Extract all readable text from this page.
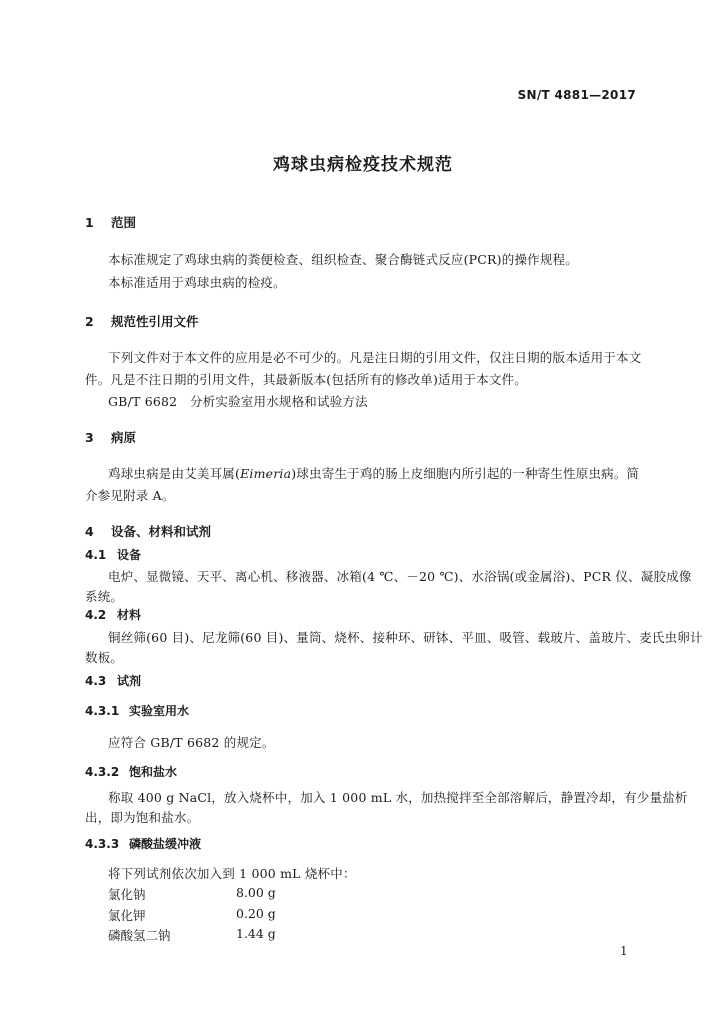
SN/T 4881—2017
鸡球虫病检疫技术规范
1 范围
本标准规定了鸡球虫病的粪便检查、组织检查、聚合酶链式反应(PCR)的操作规程。
本标准适用于鸡球虫病的检疫。
2 规范性引用文件
下列文件对于本文件的应用是必不可少的。凡是注日期的引用文件，仅注日期的版本适用于本文
件。凡是不注日期的引用文件，其最新版本(包括所有的修改单)适用于本文件。
GB/T 6682　分析实验室用水规格和试验方法
3 病原
鸡球虫病是由艾美耳属(Eimeria)球虫寄生于鸡的肠上皮细胞内所引起的一种寄生性原虫病。简
介参见附录 A。
4 设备、材料和试剂
4.1 设备
电炉、显微镜、天平、离心机、移液器、冰箱(4 ℃、－20 ℃)、水浴锅(或金属浴)、PCR 仪、凝胶成像
系统。
4.2 材料
铜丝筛(60 目)、尼龙筛(60 目)、量筒、烧杯、接种环、研钵、平皿、吸管、载玻片、盖玻片、麦氏虫卵计
数板。
4.3 试剂
4.3.1 实验室用水
应符合 GB/T 6682 的规定。
4.3.2 饱和盐水
称取 400 g NaCl，放入烧杯中，加入 1 000 mL 水，加热搅拌至全部溶解后，静置冷却，有少量盐析
出，即为饱和盐水。
4.3.3 磷酸盐缓冲液
将下列试剂依次加入到 1 000 mL 烧杯中：
氯化钠	8.00 g
氯化钾	0.20 g
磷酸氢二钠	1.44 g
1
